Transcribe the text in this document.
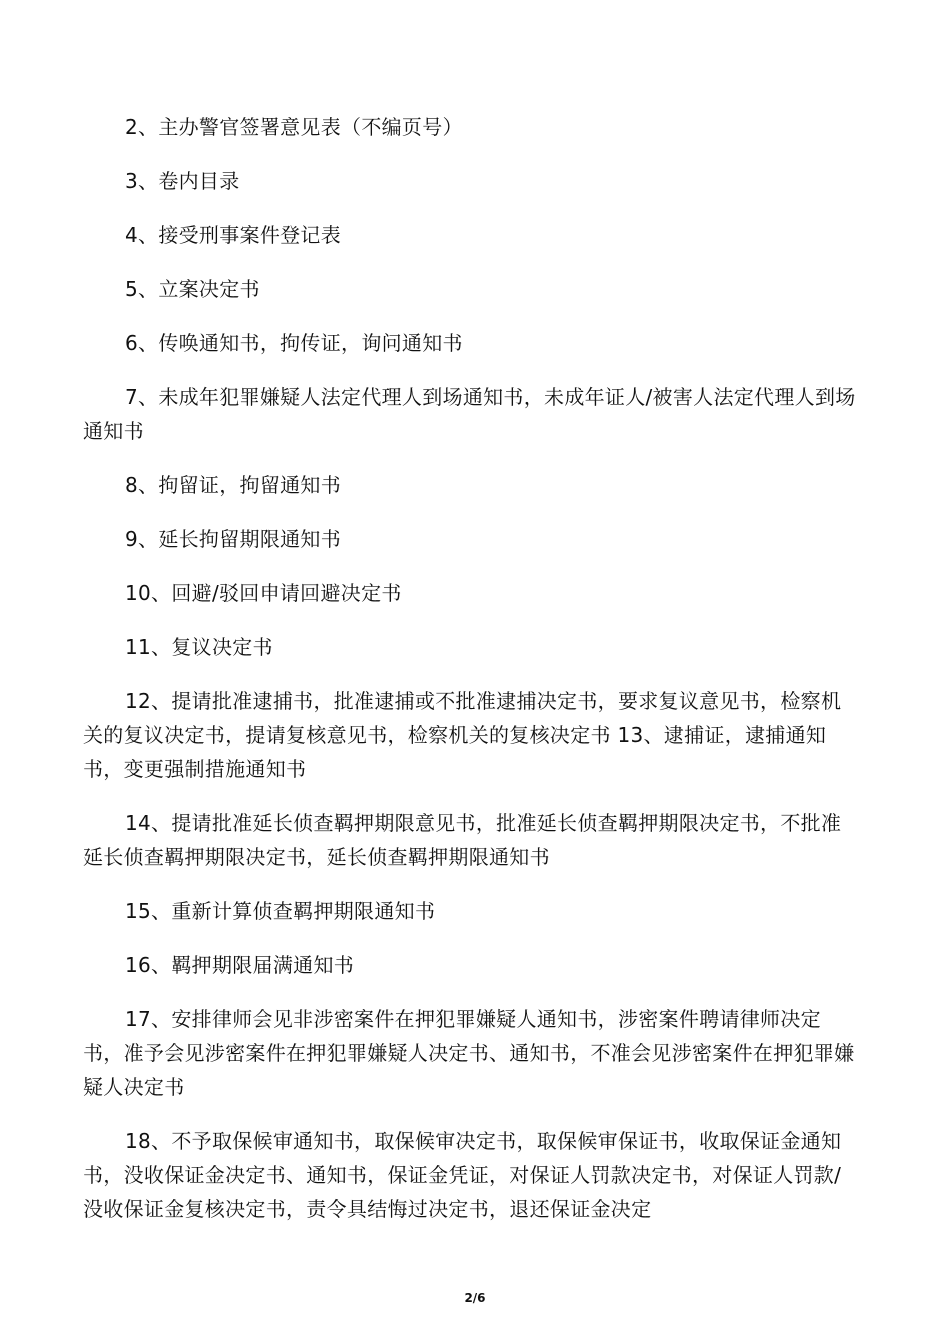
2、主办警官签署意见表（不编页号）

3、卷内目录

4、接受刑事案件登记表

5、立案决定书

6、传唤通知书，拘传证，询问通知书

7、未成年犯罪嫌疑人法定代理人到场通知书，未成年证人/被害人法定代理人到场通知书

8、拘留证，拘留通知书

9、延长拘留期限通知书

10、回避/驳回申请回避决定书

11、复议决定书

12、提请批准逮捕书，批准逮捕或不批准逮捕决定书，要求复议意见书，检察机关的复议决定书，提请复核意见书，检察机关的复核决定书 13、逮捕证，逮捕通知书，变更强制措施通知书

14、提请批准延长侦查羁押期限意见书，批准延长侦查羁押期限决定书，不批准延长侦查羁押期限决定书，延长侦查羁押期限通知书

15、重新计算侦查羁押期限通知书

16、羁押期限届满通知书

17、安排律师会见非涉密案件在押犯罪嫌疑人通知书，涉密案件聘请律师决定书，准予会见涉密案件在押犯罪嫌疑人决定书、通知书，不准会见涉密案件在押犯罪嫌疑人决定书

18、不予取保候审通知书，取保候审决定书，取保候审保证书，收取保证金通知书，没收保证金决定书、通知书，保证金凭证，对保证人罚款决定书，对保证人罚款/没收保证金复核决定书，责令具结悔过决定书，退还保证金决定

2/6
